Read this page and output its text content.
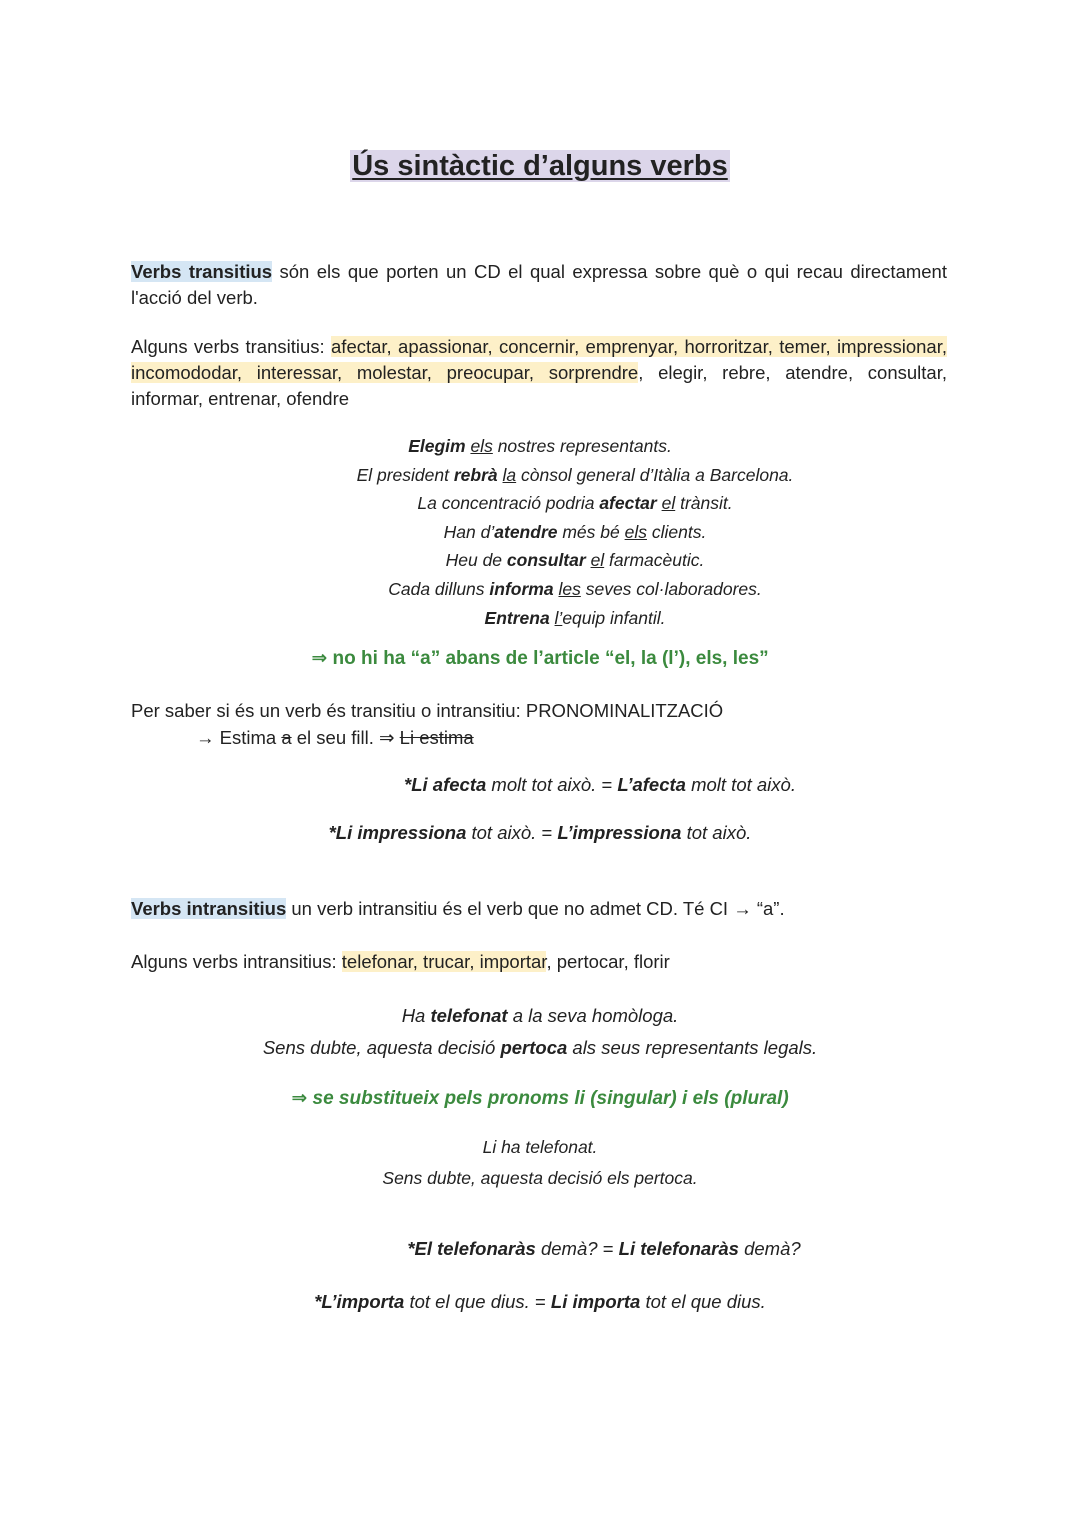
Ús sintàctic d’alguns verbs
Verbs transitius són els que porten un CD el qual expressa sobre què o qui recau directament l'acció del verb.
Alguns verbs transitius: afectar, apassionar, concernir, emprenyar, horroritzar, temer, impressionar, incomododar, interessar, molestar, preocupar, sorprendre, elegir, rebre, atendre, consultar, informar, entrenar, ofendre
Elegim els nostres representants.
El president rebrà la cònsol general d’Itàlia a Barcelona.
La concentració podria afectar el trànsit.
Han d’atendre més bé els clients.
Heu de consultar el farmacèutic.
Cada dilluns informa les seves col·laboradores.
Entrena l’equip infantil.
⇒ no hi ha “a” abans de l’article “el, la (l’), els, les”
Per saber si és un verb és transitiu o intransitiu: PRONOMINALITZACIÓ
→ Estima a el seu fill. ⇒ Li estima
*Li afecta molt tot això. = L’afecta molt tot això.
*Li impressiona tot això. = L’impressiona tot això.
Verbs intransitius un verb intransitiu és el verb que no admet CD. Té CI → “a”.
Alguns verbs intransitius: telefonar, trucar, importar, pertocar, florir
Ha telefonat a la seva homòloga.
Sens dubte, aquesta decisió pertoca als seus representants legals.
⇒ se substitueix pels pronoms li (singular) i els (plural)
Li ha telefonat.
Sens dubte, aquesta decisió els pertoca.
*El telefonaràs demà? = Li telefonaràs demà?
*L’importa tot el que dius. = Li importa tot el que dius.
